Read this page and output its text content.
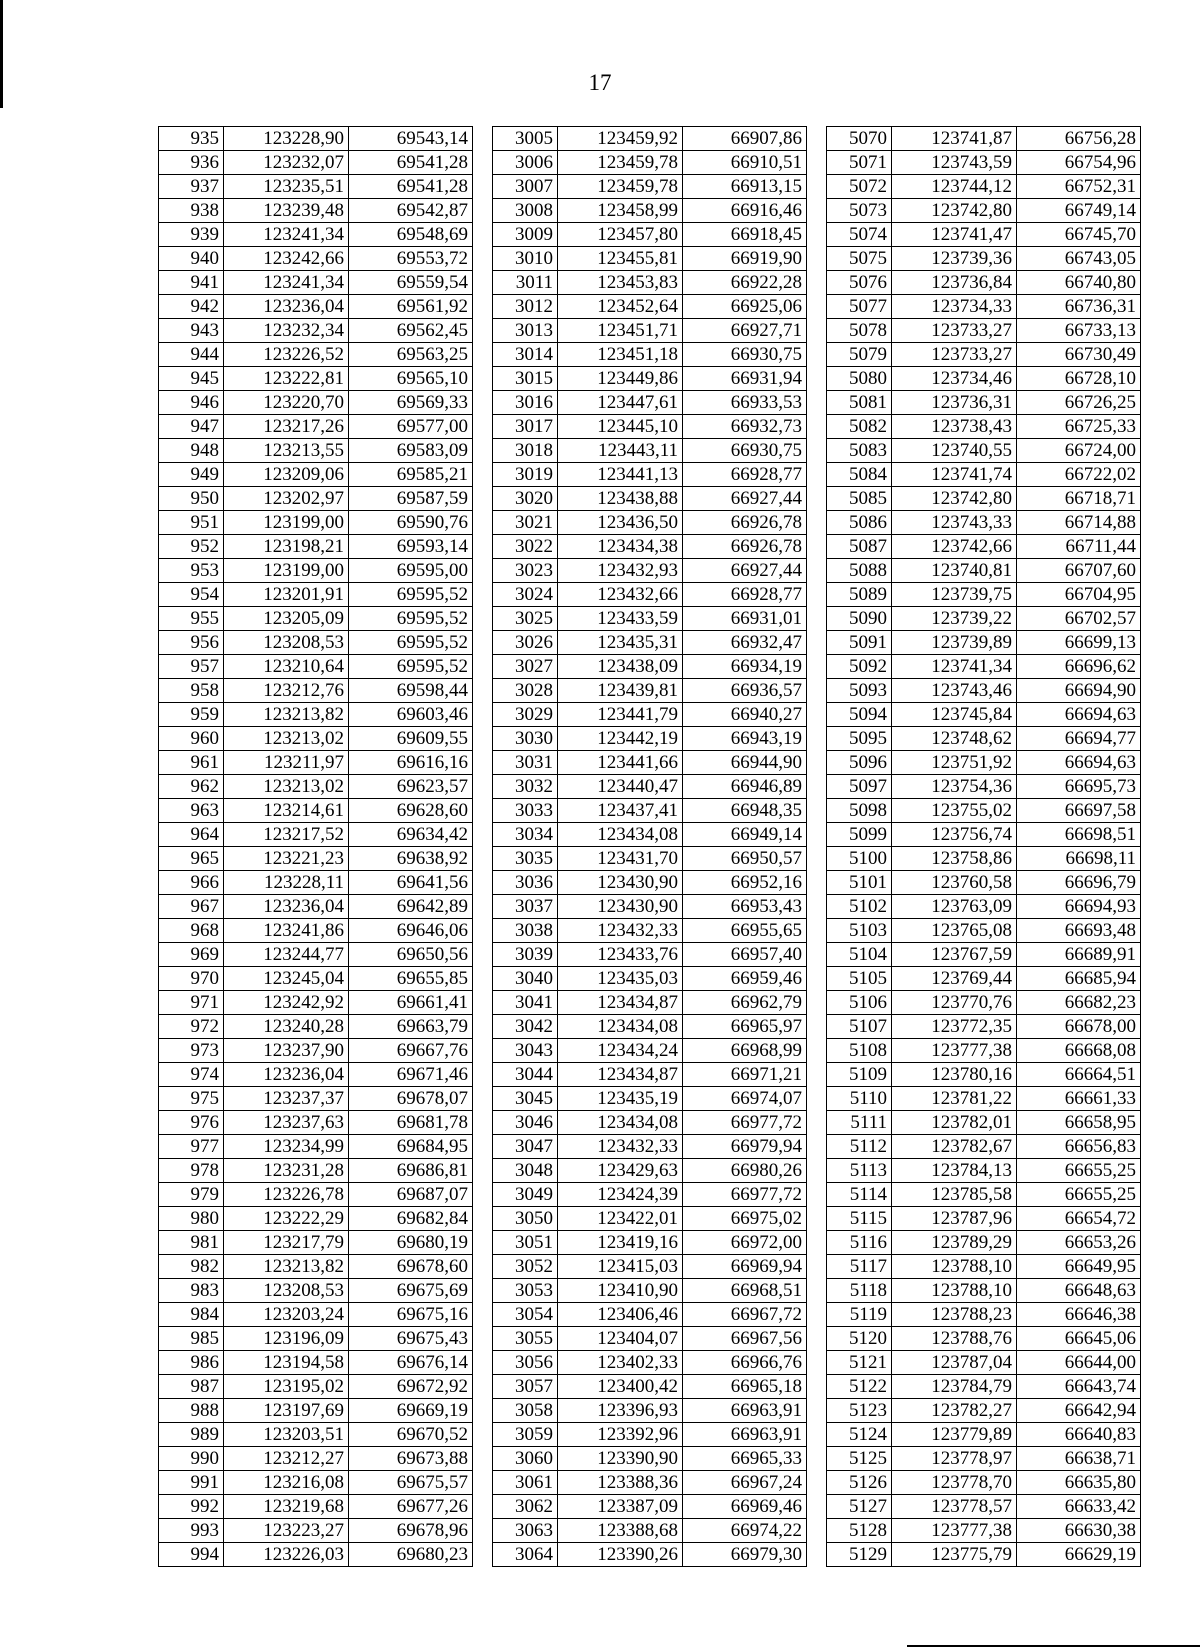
17
935	123228,90	69543,14		3005	123459,92	66907,86		5070	123741,87	66756,28
936	123232,07	69541,28		3006	123459,78	66910,51		5071	123743,59	66754,96
937	123235,51	69541,28		3007	123459,78	66913,15		5072	123744,12	66752,31
938	123239,48	69542,87		3008	123458,99	66916,46		5073	123742,80	66749,14
939	123241,34	69548,69		3009	123457,80	66918,45		5074	123741,47	66745,70
940	123242,66	69553,72		3010	123455,81	66919,90		5075	123739,36	66743,05
941	123241,34	69559,54		3011	123453,83	66922,28		5076	123736,84	66740,80
942	123236,04	69561,92		3012	123452,64	66925,06		5077	123734,33	66736,31
943	123232,34	69562,45		3013	123451,71	66927,71		5078	123733,27	66733,13
944	123226,52	69563,25		3014	123451,18	66930,75		5079	123733,27	66730,49
945	123222,81	69565,10		3015	123449,86	66931,94		5080	123734,46	66728,10
946	123220,70	69569,33		3016	123447,61	66933,53		5081	123736,31	66726,25
947	123217,26	69577,00		3017	123445,10	66932,73		5082	123738,43	66725,33
948	123213,55	69583,09		3018	123443,11	66930,75		5083	123740,55	66724,00
949	123209,06	69585,21		3019	123441,13	66928,77		5084	123741,74	66722,02
950	123202,97	69587,59		3020	123438,88	66927,44		5085	123742,80	66718,71
951	123199,00	69590,76		3021	123436,50	66926,78		5086	123743,33	66714,88
952	123198,21	69593,14		3022	123434,38	66926,78		5087	123742,66	66711,44
953	123199,00	69595,00		3023	123432,93	66927,44		5088	123740,81	66707,60
954	123201,91	69595,52		3024	123432,66	66928,77		5089	123739,75	66704,95
955	123205,09	69595,52		3025	123433,59	66931,01		5090	123739,22	66702,57
956	123208,53	69595,52		3026	123435,31	66932,47		5091	123739,89	66699,13
957	123210,64	69595,52		3027	123438,09	66934,19		5092	123741,34	66696,62
958	123212,76	69598,44		3028	123439,81	66936,57		5093	123743,46	66694,90
959	123213,82	69603,46		3029	123441,79	66940,27		5094	123745,84	66694,63
960	123213,02	69609,55		3030	123442,19	66943,19		5095	123748,62	66694,77
961	123211,97	69616,16		3031	123441,66	66944,90		5096	123751,92	66694,63
962	123213,02	69623,57		3032	123440,47	66946,89		5097	123754,36	66695,73
963	123214,61	69628,60		3033	123437,41	66948,35		5098	123755,02	66697,58
964	123217,52	69634,42		3034	123434,08	66949,14		5099	123756,74	66698,51
965	123221,23	69638,92		3035	123431,70	66950,57		5100	123758,86	66698,11
966	123228,11	69641,56		3036	123430,90	66952,16		5101	123760,58	66696,79
967	123236,04	69642,89		3037	123430,90	66953,43		5102	123763,09	66694,93
968	123241,86	69646,06		3038	123432,33	66955,65		5103	123765,08	66693,48
969	123244,77	69650,56		3039	123433,76	66957,40		5104	123767,59	66689,91
970	123245,04	69655,85		3040	123435,03	66959,46		5105	123769,44	66685,94
971	123242,92	69661,41		3041	123434,87	66962,79		5106	123770,76	66682,23
972	123240,28	69663,79		3042	123434,08	66965,97		5107	123772,35	66678,00
973	123237,90	69667,76		3043	123434,24	66968,99		5108	123777,38	66668,08
974	123236,04	69671,46		3044	123434,87	66971,21		5109	123780,16	66664,51
975	123237,37	69678,07		3045	123435,19	66974,07		5110	123781,22	66661,33
976	123237,63	69681,78		3046	123434,08	66977,72		5111	123782,01	66658,95
977	123234,99	69684,95		3047	123432,33	66979,94		5112	123782,67	66656,83
978	123231,28	69686,81		3048	123429,63	66980,26		5113	123784,13	66655,25
979	123226,78	69687,07		3049	123424,39	66977,72		5114	123785,58	66655,25
980	123222,29	69682,84		3050	123422,01	66975,02		5115	123787,96	66654,72
981	123217,79	69680,19		3051	123419,16	66972,00		5116	123789,29	66653,26
982	123213,82	69678,60		3052	123415,03	66969,94		5117	123788,10	66649,95
983	123208,53	69675,69		3053	123410,90	66968,51		5118	123788,10	66648,63
984	123203,24	69675,16		3054	123406,46	66967,72		5119	123788,23	66646,38
985	123196,09	69675,43		3055	123404,07	66967,56		5120	123788,76	66645,06
986	123194,58	69676,14		3056	123402,33	66966,76		5121	123787,04	66644,00
987	123195,02	69672,92		3057	123400,42	66965,18		5122	123784,79	66643,74
988	123197,69	69669,19		3058	123396,93	66963,91		5123	123782,27	66642,94
989	123203,51	69670,52		3059	123392,96	66963,91		5124	123779,89	66640,83
990	123212,27	69673,88		3060	123390,90	66965,33		5125	123778,97	66638,71
991	123216,08	69675,57		3061	123388,36	66967,24		5126	123778,70	66635,80
992	123219,68	69677,26		3062	123387,09	66969,46		5127	123778,57	66633,42
993	123223,27	69678,96		3063	123388,68	66974,22		5128	123777,38	66630,38
994	123226,03	69680,23		3064	123390,26	66979,30		5129	123775,79	66629,19
